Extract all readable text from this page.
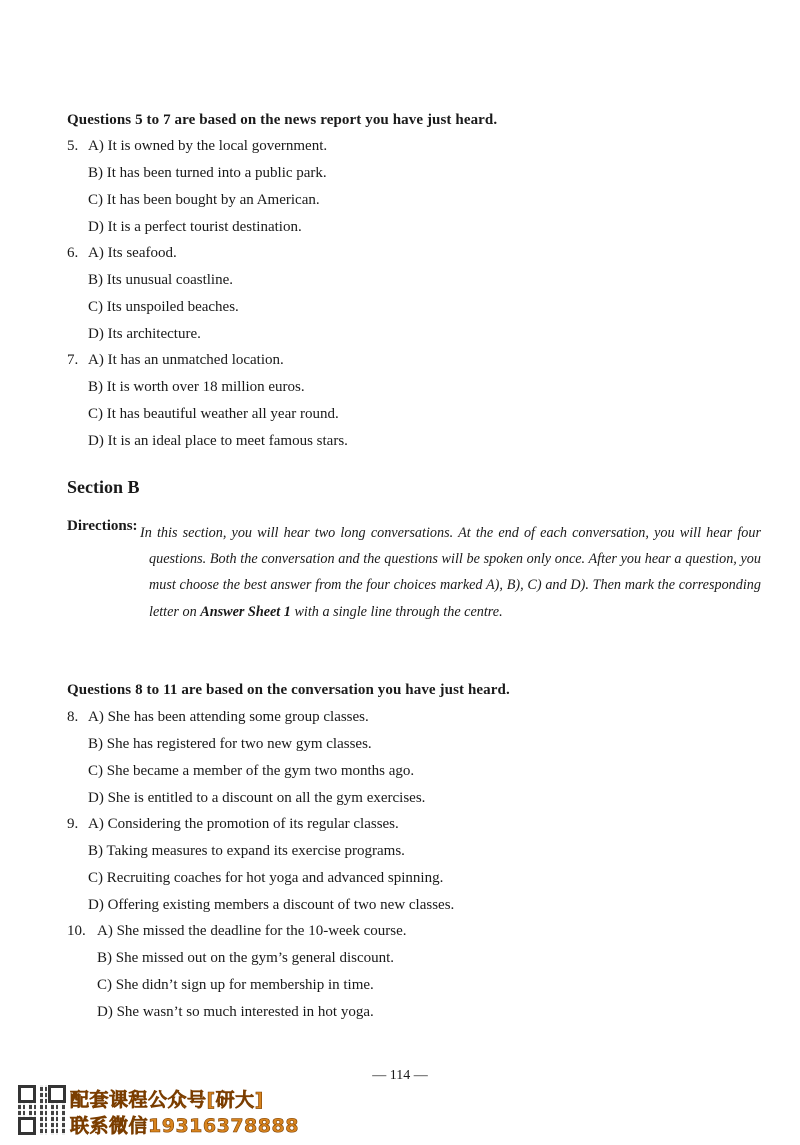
Questions 5 to 7 are based on the news report you have just heard.
5. A) It is owned by the local government.
B) It has been turned into a public park.
C) It has been bought by an American.
D) It is a perfect tourist destination.
6. A) Its seafood.
B) Its unusual coastline.
C) Its unspoiled beaches.
D) Its architecture.
7. A) It has an unmatched location.
B) It is worth over 18 million euros.
C) It has beautiful weather all year round.
D) It is an ideal place to meet famous stars.
Section B
Directions: In this section, you will hear two long conversations. At the end of each conversation, you will hear four questions. Both the conversation and the questions will be spoken only once. After you hear a question, you must choose the best answer from the four choices marked A), B), C) and D). Then mark the corresponding letter on Answer Sheet 1 with a single line through the centre.
Questions 8 to 11 are based on the conversation you have just heard.
8. A) She has been attending some group classes.
B) She has registered for two new gym classes.
C) She became a member of the gym two months ago.
D) She is entitled to a discount on all the gym exercises.
9. A) Considering the promotion of its regular classes.
B) Taking measures to expand its exercise programs.
C) Recruiting coaches for hot yoga and advanced spinning.
D) Offering existing members a discount of two new classes.
10. A) She missed the deadline for the 10-week course.
B) She missed out on the gym’s general discount.
C) She didn’t sign up for membership in time.
D) She wasn’t so much interested in hot yoga.
— 114 —
配套课程公众号[研大]
联系微信19316378888
